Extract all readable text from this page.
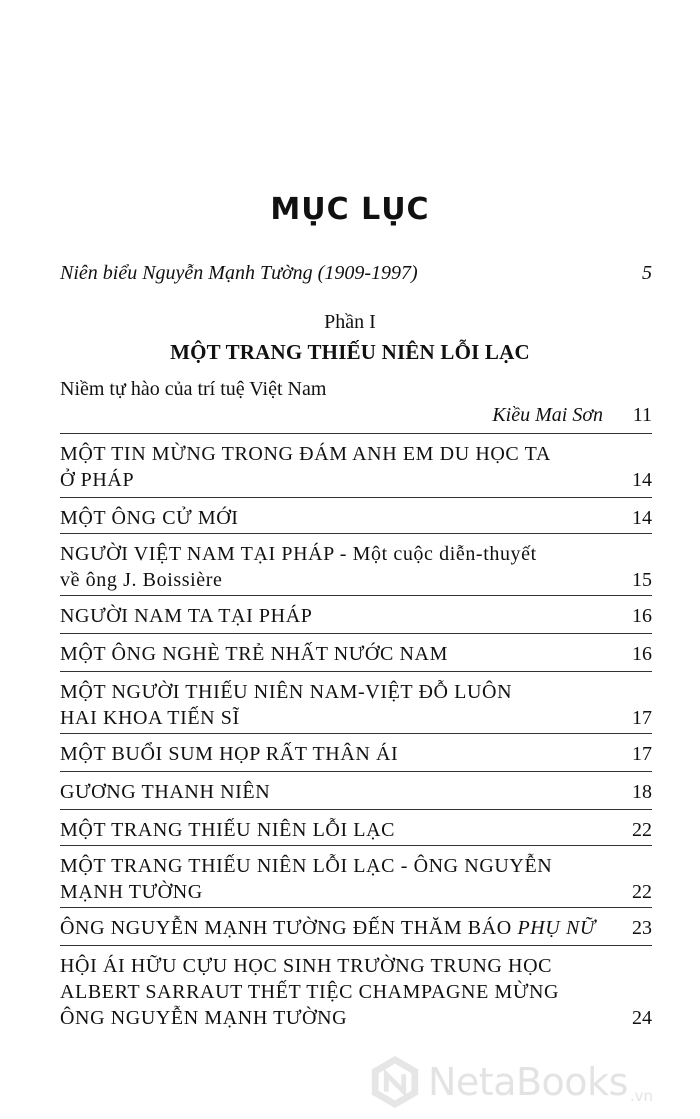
MỤC LỤC
Niên biểu Nguyễn Mạnh Tường (1909-1997)	5
Phần I
MỘT TRANG THIẾU NIÊN LỖI LẠC
Niềm tự hào của trí tuệ Việt Nam
Kiều Mai Sơn 11
MỘT TIN MỪNG TRONG ĐÁM ANH EM DU HỌC TA
Ở PHÁP	14
MỘT ÔNG CỬ MỚI	14
NGƯỜI VIỆT NAM TẠI PHÁP - Một cuộc diễn-thuyết
về ông J. Boissière	15
NGƯỜI NAM TA TẠI PHÁP	16
MỘT ÔNG NGHÈ TRẺ NHẤT NƯỚC NAM	16
MỘT NGƯỜI THIẾU NIÊN NAM-VIỆT ĐỖ LUÔN
HAI KHOA TIẾN SĨ	17
MỘT BUỔI SUM HỌP RẤT THÂN ÁI	17
GƯƠNG THANH NIÊN	18
MỘT TRANG THIẾU NIÊN LỖI LẠC	22
MỘT TRANG THIẾU NIÊN LỖI LẠC - ÔNG NGUYỄN
MẠNH TƯỜNG	22
ÔNG NGUYỄN MẠNH TƯỜNG ĐẾN THĂM BÁO PHỤ NỮ	23
HỘI ÁI HỮU CỰU HỌC SINH TRƯỜNG TRUNG HỌC
ALBERT SARRAUT THẾT TIỆC CHAMPAGNE MỪNG
ÔNG NGUYỄN MẠNH TƯỜNG	24
NetaBooks .vn
